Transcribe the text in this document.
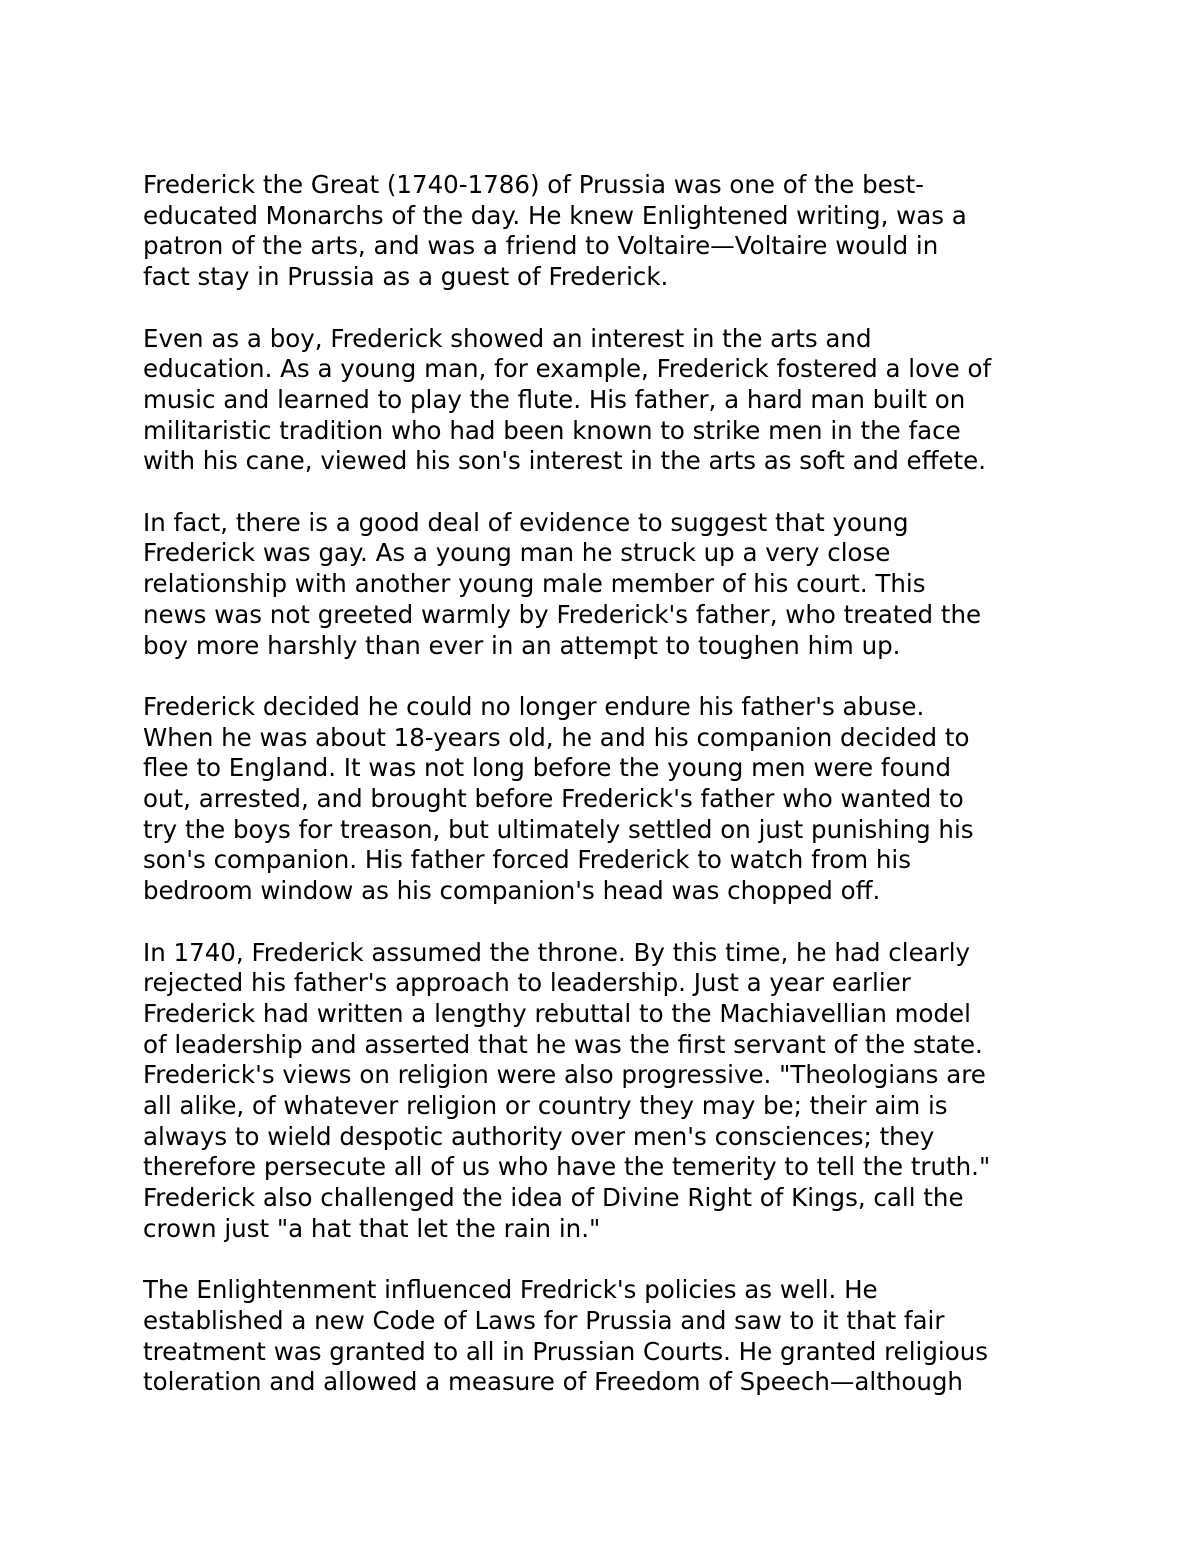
Frederick the Great (1740-1786) of Prussia was one of the best-
educated Monarchs of the day. He knew Enlightened writing, was a
patron of the arts, and was a friend to Voltaire—Voltaire would in
fact stay in Prussia as a guest of Frederick.
Even as a boy, Frederick showed an interest in the arts and
education. As a young man, for example, Frederick fostered a love of
music and learned to play the flute. His father, a hard man built on
militaristic tradition who had been known to strike men in the face
with his cane, viewed his son's interest in the arts as soft and effete.
In fact, there is a good deal of evidence to suggest that young
Frederick was gay. As a young man he struck up a very close
relationship with another young male member of his court. This
news was not greeted warmly by Frederick's father, who treated the
boy more harshly than ever in an attempt to toughen him up.
Frederick decided he could no longer endure his father's abuse.
When he was about 18-years old, he and his companion decided to
flee to England. It was not long before the young men were found
out, arrested, and brought before Frederick's father who wanted to
try the boys for treason, but ultimately settled on just punishing his
son's companion. His father forced Frederick to watch from his
bedroom window as his companion's head was chopped off.
In 1740, Frederick assumed the throne. By this time, he had clearly
rejected his father's approach to leadership. Just a year earlier
Frederick had written a lengthy rebuttal to the Machiavellian model
of leadership and asserted that he was the first servant of the state.
Frederick's views on religion were also progressive. "Theologians are
all alike, of whatever religion or country they may be; their aim is
always to wield despotic authority over men's consciences; they
therefore persecute all of us who have the temerity to tell the truth."
Frederick also challenged the idea of Divine Right of Kings, call the
crown just "a hat that let the rain in."
The Enlightenment influenced Fredrick's policies as well. He
established a new Code of Laws for Prussia and saw to it that fair
treatment was granted to all in Prussian Courts. He granted religious
toleration and allowed a measure of Freedom of Speech—although
